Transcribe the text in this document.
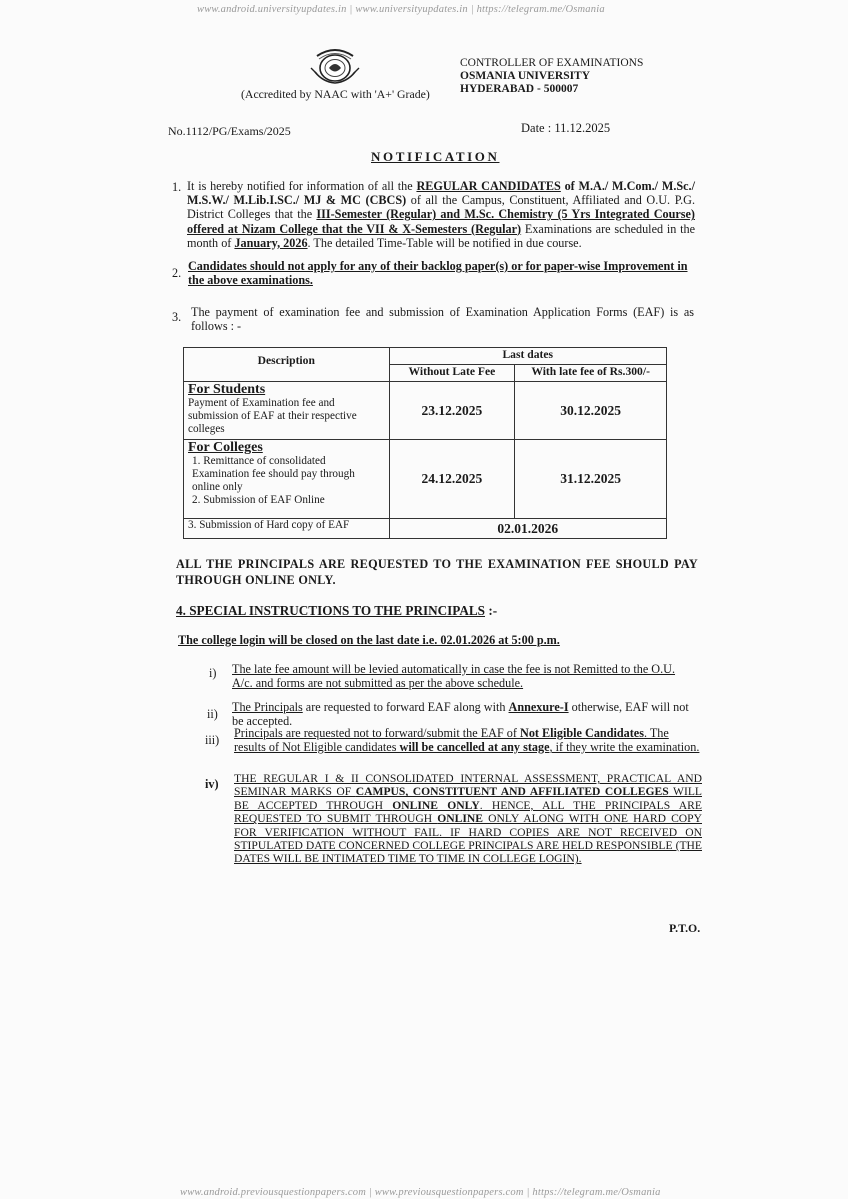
www.android.universityupdates.in | www.universityupdates.in | https://telegram.me/Osmania
www.android.previousquestionpapers.com | www.previousquestionpapers.com | https://telegram.me/Osmania
(Accredited by NAAC with 'A+' Grade)
CONTROLLER OF EXAMINATIONS
OSMANIA UNIVERSITY
HYDERABAD - 500007
No.1112/PG/Exams/2025	Date : 11.12.2025
NOTIFICATION
1. It is hereby notified for information of all the REGULAR CANDIDATES of M.A./ M.Com./ M.Sc./ M.S.W./ M.Lib.I.SC./ MJ & MC (CBCS) of all the Campus, Constituent, Affiliated and O.U. P.G. District Colleges that the III-Semester (Regular) and M.Sc. Chemistry (5 Yrs Integrated Course) offered at Nizam College that the VII & X-Semesters (Regular) Examinations are scheduled in the month of January, 2026. The detailed Time-Table will be notified in due course.
2. Candidates should not apply for any of their backlog paper(s) or for paper-wise Improvement in the above examinations.
3. The payment of examination fee and submission of Examination Application Forms (EAF) is as follows : -
Description	Last dates	
	Without Late Fee	With late fee of Rs.300/-

For Students
Payment of Examination fee and submission of EAF at their respective colleges	23.12.2025	30.12.2025

For Colleges
1. Remittance of consolidated Examination fee should pay through online only
2. Submission of EAF Online	24.12.2025	31.12.2025
3. Submission of Hard copy of EAF	02.01.2026	
ALL THE PRINCIPALS ARE REQUESTED TO THE EXAMINATION FEE SHOULD PAY THROUGH ONLINE ONLY.
4. SPECIAL INSTRUCTIONS TO THE PRINCIPALS :-
The college login will be closed on the last date i.e. 02.01.2026 at 5:00 p.m.
i) The late fee amount will be levied automatically in case the fee is not Remitted to the O.U. A/c. and forms are not submitted as per the above schedule.
ii) The Principals are requested to forward EAF along with Annexure-I otherwise, EAF will not be accepted.
iii) Principals are requested not to forward/submit the EAF of Not Eligible Candidates. The results of Not Eligible candidates will be cancelled at any stage, if they write the examination.
iv) THE REGULAR I & II CONSOLIDATED INTERNAL ASSESSMENT, PRACTICAL AND SEMINAR MARKS OF CAMPUS, CONSTITUENT AND AFFILIATED COLLEGES WILL BE ACCEPTED THROUGH ONLINE ONLY. HENCE, ALL THE PRINCIPALS ARE REQUESTED TO SUBMIT THROUGH ONLINE ONLY ALONG WITH ONE HARD COPY FOR VERIFICATION WITHOUT FAIL. IF HARD COPIES ARE NOT RECEIVED ON STIPULATED DATE CONCERNED COLLEGE PRINCIPALS ARE HELD RESPONSIBLE (THE DATES WILL BE INTIMATED TIME TO TIME IN COLLEGE LOGIN).
P.T.O.
